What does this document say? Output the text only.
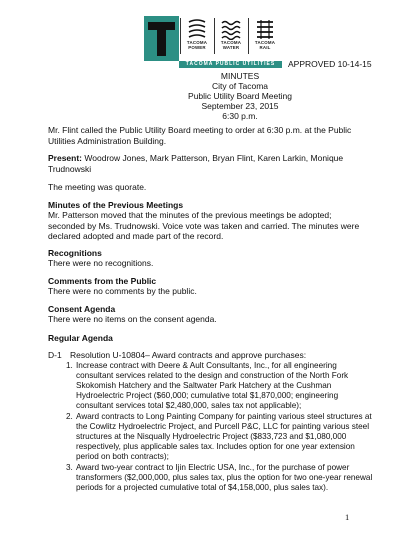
TACOMA POWER
TACOMA WATER
TACOMA RAIL
TACOMA PUBLIC UTILITIES	APPROVED 10-14-15
MINUTES
City of Tacoma
Public Utility Board Meeting
September 23, 2015
6:30 p.m.
Mr. Flint called the Public Utility Board meeting to order at 6:30 p.m. at the Public Utilities Administration Building.
Present: Woodrow Jones, Mark Patterson, Bryan Flint, Karen Larkin, Monique Trudnowski
The meeting was quorate.
Minutes of the Previous Meetings
Mr. Patterson moved that the minutes of the previous meetings be adopted; seconded by Ms. Trudnowski. Voice vote was taken and carried. The minutes were declared adopted and made part of the record.
Recognitions
There were no recognitions.
Comments from the Public
There were no comments by the public.
Consent Agenda
There were no items on the consent agenda.
Regular Agenda
D-1 Resolution U-10804– Award contracts and approve purchases:
1. Increase contract with Deere & Ault Consultants, Inc., for all engineering consultant services related to the design and construction of the North Fork Skokomish Hatchery and the Saltwater Park Hatchery at the Cushman Hydroelectric Project ($60,000; cumulative total $1,870,000; engineering consultant services total $2,480,000, sales tax not applicable);
2. Award contracts to Long Painting Company for painting various steel structures at the Cowlitz Hydroelectric Project, and Purcell P&C, LLC for painting various steel structures at the Nisqually Hydroelectric Project ($833,723 and $1,080,000 respectively, plus applicable sales tax. Includes option for one year extension period on both contracts);
3. Award two-year contract to Ijin Electric USA, Inc., for the purchase of power transformers ($2,000,000, plus sales tax, plus the option for two one-year renewal periods for a projected cumulative total of $4,158,000, plus sales tax).
1
